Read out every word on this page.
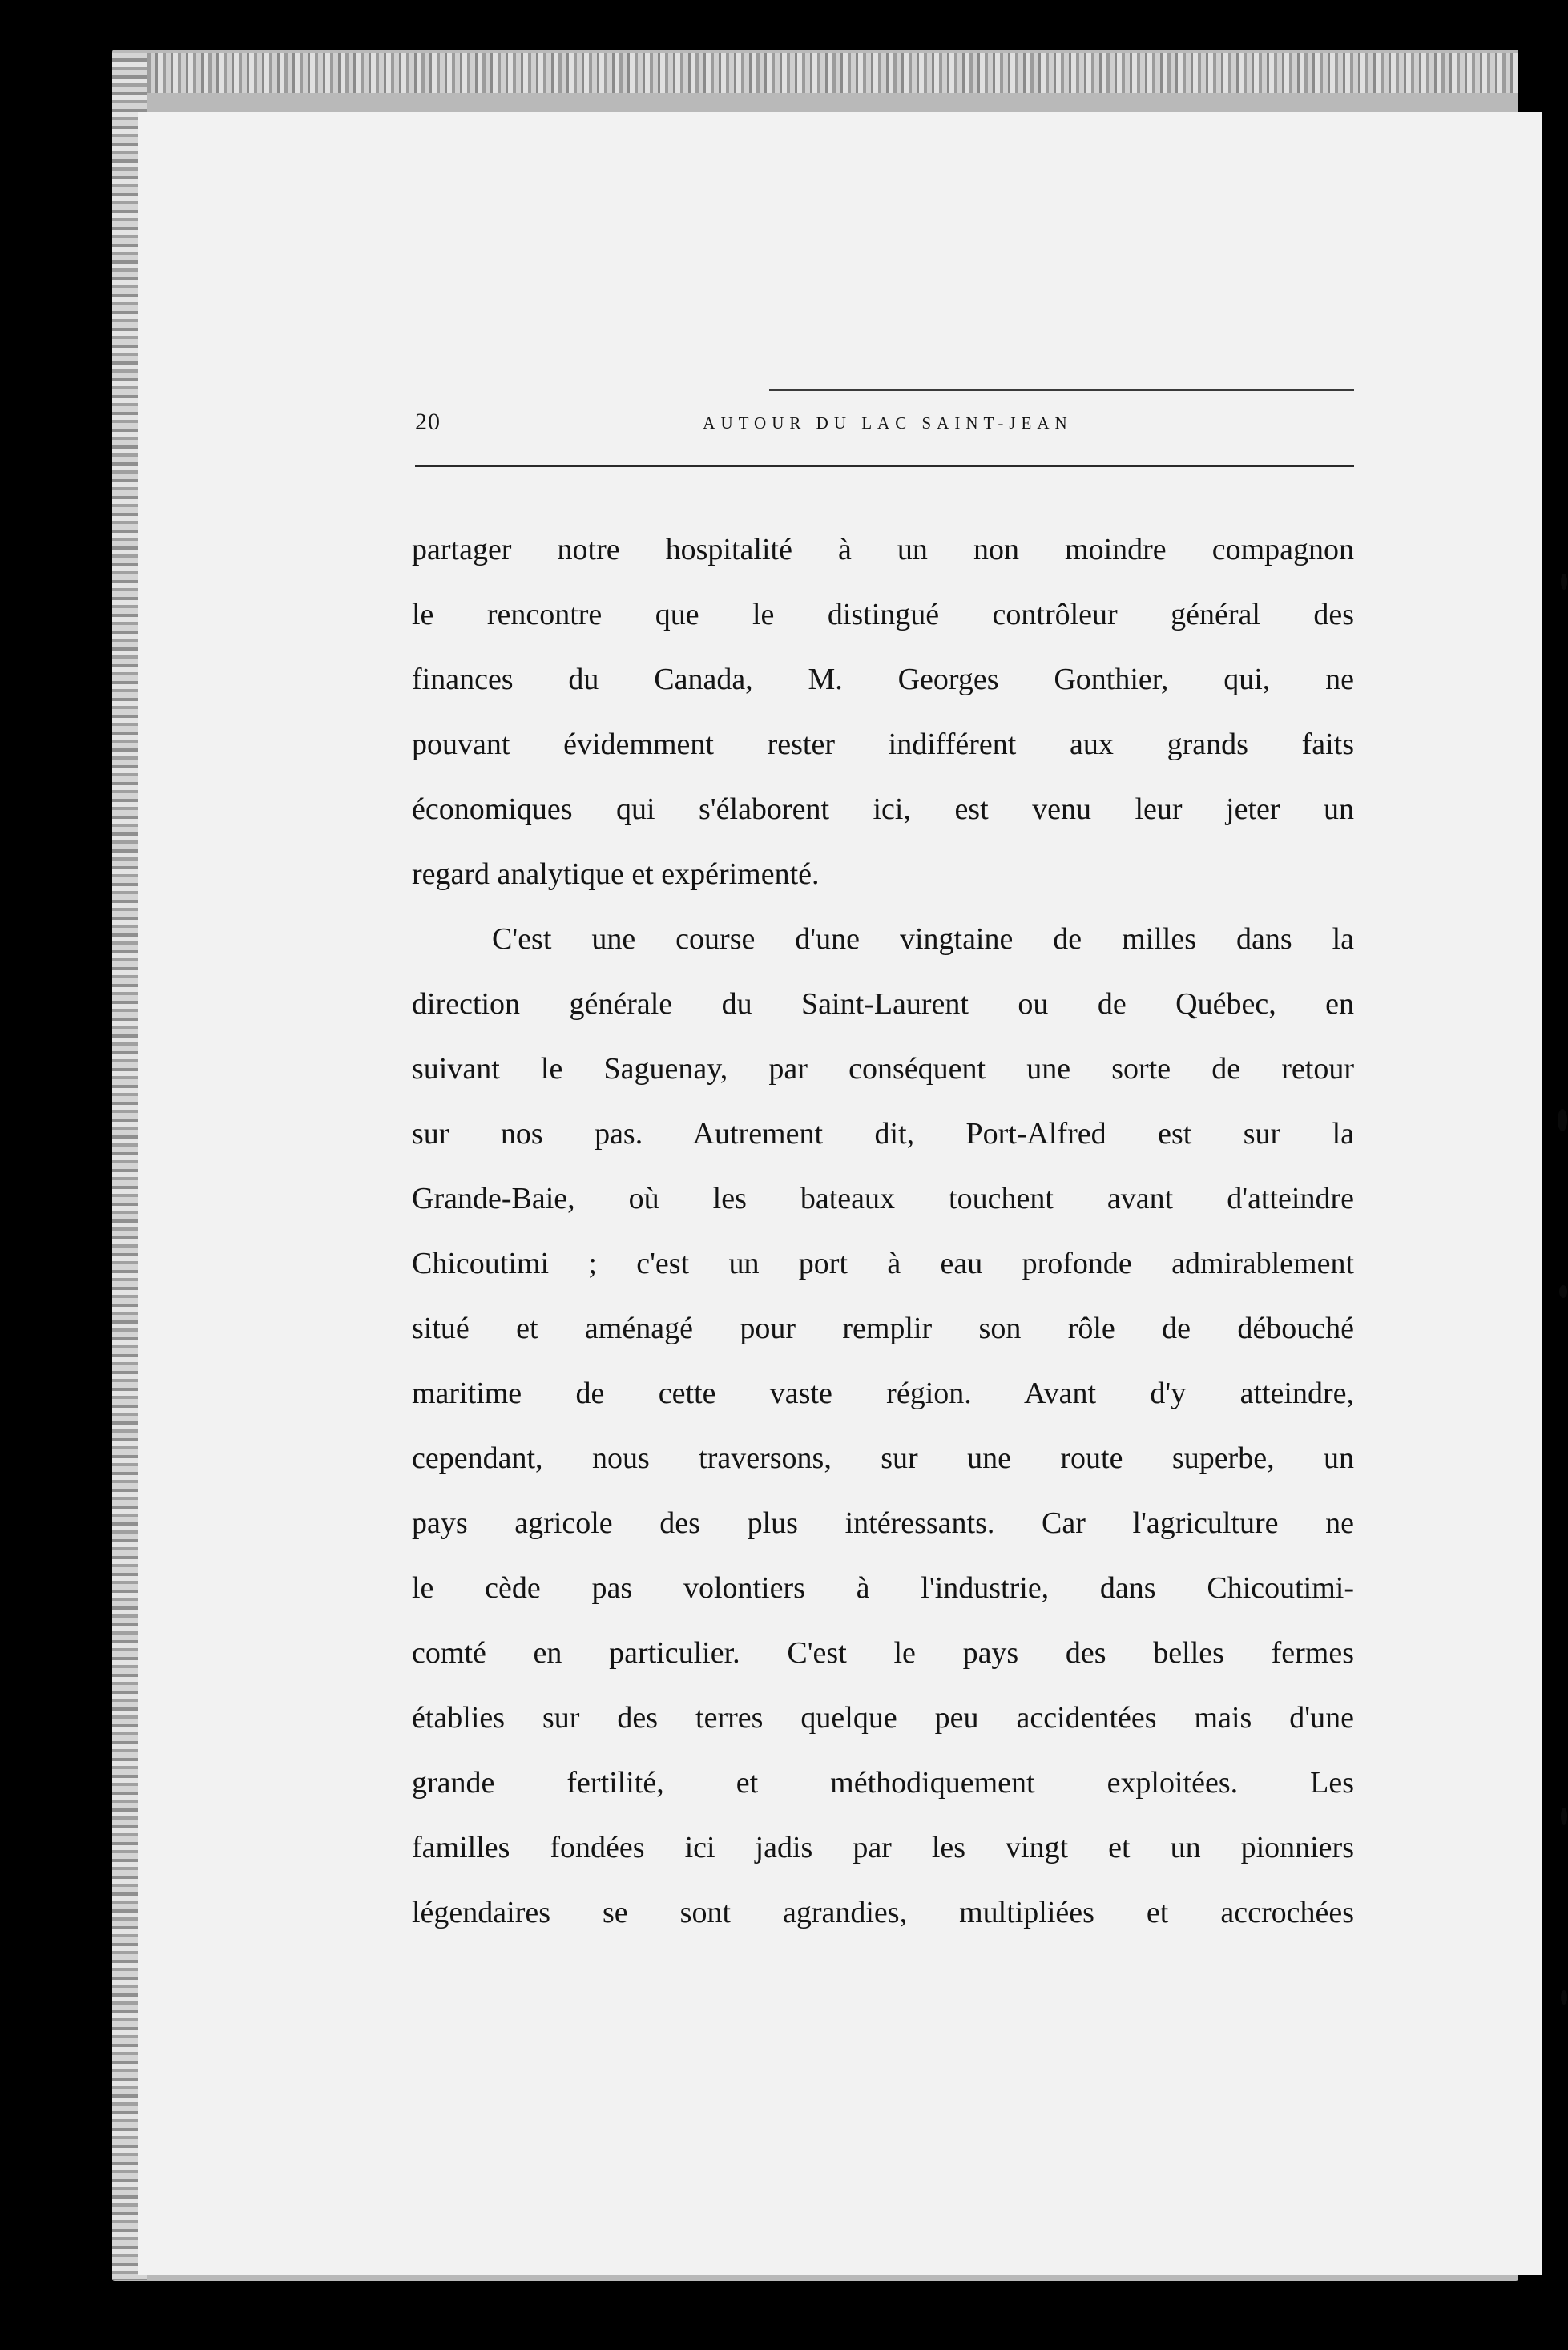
20	AUTOUR DU LAC SAINT-JEAN
partager notre hospitalité à un non moindre compagnon
le rencontre que le distingué contrôleur général des
finances du Canada, M. Georges Gonthier, qui, ne
pouvant évidemment rester indifférent aux grands faits
économiques qui s'élaborent ici, est venu leur jeter un
regard analytique et expérimenté.
C'est une course d'une vingtaine de milles dans la
direction générale du Saint-Laurent ou de Québec, en
suivant le Saguenay, par conséquent une sorte de retour
sur nos pas. Autrement dit, Port-Alfred est sur la
Grande-Baie, où les bateaux touchent avant d'atteindre
Chicoutimi ; c'est un port à eau profonde admirablement
situé et aménagé pour remplir son rôle de débouché
maritime de cette vaste région. Avant d'y atteindre,
cependant, nous traversons, sur une route superbe, un
pays agricole des plus intéressants. Car l'agriculture ne
le cède pas volontiers à l'industrie, dans Chicoutimi-
comté en particulier. C'est le pays des belles fermes
établies sur des terres quelque peu accidentées mais d'une
grande fertilité, et méthodiquement exploitées. Les
familles fondées ici jadis par les vingt et un pionniers
légendaires se sont agrandies, multipliées et accrochées
